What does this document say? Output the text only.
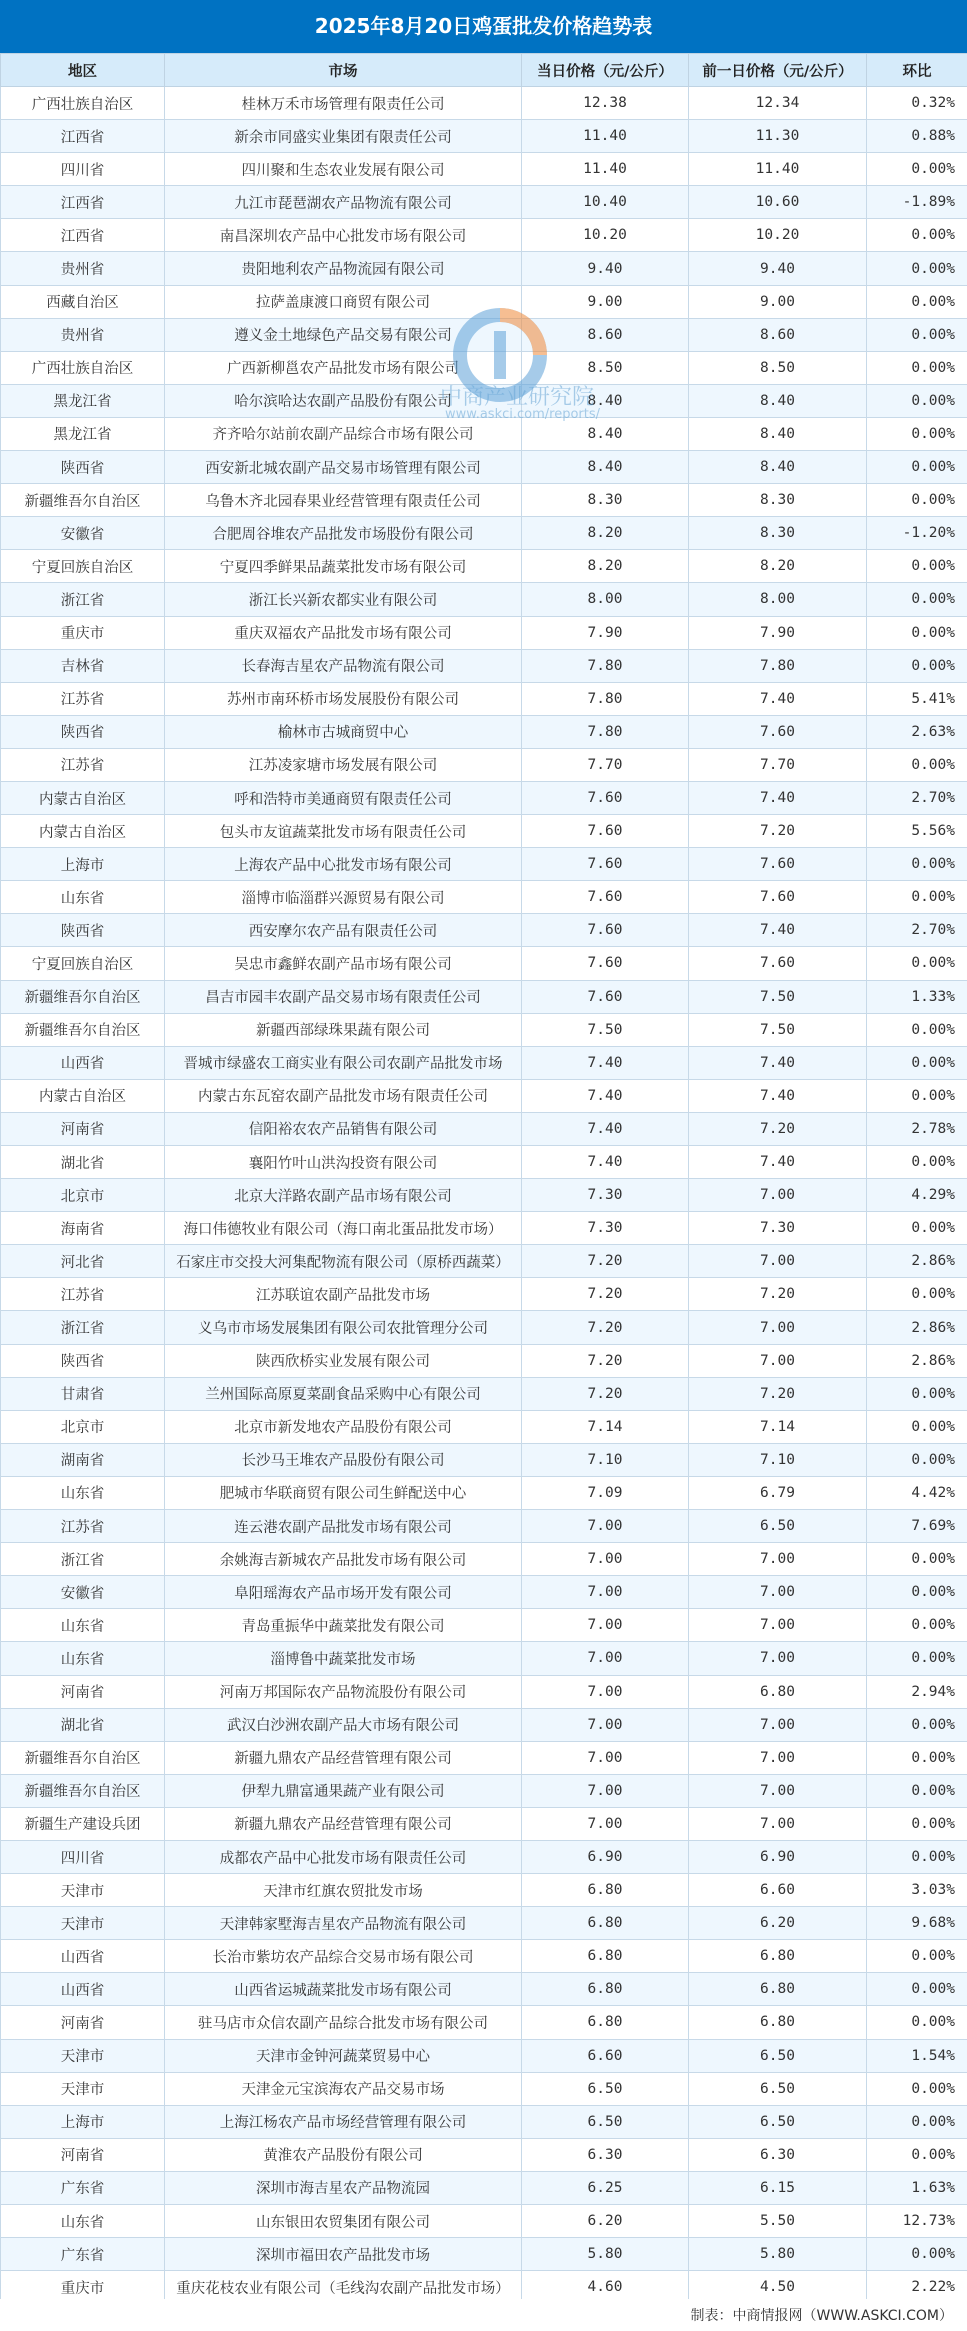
2025年8月20日鸡蛋批发价格趋势表
地区	市场	当日价格（元/公斤）	前一日价格（元/公斤）	环比
广西壮族自治区	桂林万禾市场管理有限责任公司	12.38	12.34	0.32%
江西省	新余市同盛实业集团有限责任公司	11.40	11.30	0.88%
四川省	四川聚和生态农业发展有限公司	11.40	11.40	0.00%
江西省	九江市琵琶湖农产品物流有限公司	10.40	10.60	-1.89%
江西省	南昌深圳农产品中心批发市场有限公司	10.20	10.20	0.00%
贵州省	贵阳地利农产品物流园有限公司	9.40	9.40	0.00%
西藏自治区	拉萨盖康渡口商贸有限公司	9.00	9.00	0.00%
贵州省	遵义金土地绿色产品交易有限公司	8.60	8.60	0.00%
广西壮族自治区	广西新柳邕农产品批发市场有限公司	8.50	8.50	0.00%
黑龙江省	哈尔滨哈达农副产品股份有限公司	8.40	8.40	0.00%
黑龙江省	齐齐哈尔站前农副产品综合市场有限公司	8.40	8.40	0.00%
陕西省	西安新北城农副产品交易市场管理有限公司	8.40	8.40	0.00%
新疆维吾尔自治区	乌鲁木齐北园春果业经营管理有限责任公司	8.30	8.30	0.00%
安徽省	合肥周谷堆农产品批发市场股份有限公司	8.20	8.30	-1.20%
宁夏回族自治区	宁夏四季鲜果品蔬菜批发市场有限公司	8.20	8.20	0.00%
浙江省	浙江长兴新农都实业有限公司	8.00	8.00	0.00%
重庆市	重庆双福农产品批发市场有限公司	7.90	7.90	0.00%
吉林省	长春海吉星农产品物流有限公司	7.80	7.80	0.00%
江苏省	苏州市南环桥市场发展股份有限公司	7.80	7.40	5.41%
陕西省	榆林市古城商贸中心	7.80	7.60	2.63%
江苏省	江苏凌家塘市场发展有限公司	7.70	7.70	0.00%
内蒙古自治区	呼和浩特市美通商贸有限责任公司	7.60	7.40	2.70%
内蒙古自治区	包头市友谊蔬菜批发市场有限责任公司	7.60	7.20	5.56%
上海市	上海农产品中心批发市场有限公司	7.60	7.60	0.00%
山东省	淄博市临淄群兴源贸易有限公司	7.60	7.60	0.00%
陕西省	西安摩尔农产品有限责任公司	7.60	7.40	2.70%
宁夏回族自治区	吴忠市鑫鲜农副产品市场有限公司	7.60	7.60	0.00%
新疆维吾尔自治区	昌吉市园丰农副产品交易市场有限责任公司	7.60	7.50	1.33%
新疆维吾尔自治区	新疆西部绿珠果蔬有限公司	7.50	7.50	0.00%
山西省	晋城市绿盛农工商实业有限公司农副产品批发市场	7.40	7.40	0.00%
内蒙古自治区	内蒙古东瓦窑农副产品批发市场有限责任公司	7.40	7.40	0.00%
河南省	信阳裕农农产品销售有限公司	7.40	7.20	2.78%
湖北省	襄阳竹叶山洪沟投资有限公司	7.40	7.40	0.00%
北京市	北京大洋路农副产品市场有限公司	7.30	7.00	4.29%
海南省	海口伟德牧业有限公司（海口南北蛋品批发市场）	7.30	7.30	0.00%
河北省	石家庄市交投大河集配物流有限公司（原桥西蔬菜）	7.20	7.00	2.86%
江苏省	江苏联谊农副产品批发市场	7.20	7.20	0.00%
浙江省	义乌市市场发展集团有限公司农批管理分公司	7.20	7.00	2.86%
陕西省	陕西欣桥实业发展有限公司	7.20	7.00	2.86%
甘肃省	兰州国际高原夏菜副食品采购中心有限公司	7.20	7.20	0.00%
北京市	北京市新发地农产品股份有限公司	7.14	7.14	0.00%
湖南省	长沙马王堆农产品股份有限公司	7.10	7.10	0.00%
山东省	肥城市华联商贸有限公司生鲜配送中心	7.09	6.79	4.42%
江苏省	连云港农副产品批发市场有限公司	7.00	6.50	7.69%
浙江省	余姚海吉新城农产品批发市场有限公司	7.00	7.00	0.00%
安徽省	阜阳瑶海农产品市场开发有限公司	7.00	7.00	0.00%
山东省	青岛重振华中蔬菜批发有限公司	7.00	7.00	0.00%
山东省	淄博鲁中蔬菜批发市场	7.00	7.00	0.00%
河南省	河南万邦国际农产品物流股份有限公司	7.00	6.80	2.94%
湖北省	武汉白沙洲农副产品大市场有限公司	7.00	7.00	0.00%
新疆维吾尔自治区	新疆九鼎农产品经营管理有限公司	7.00	7.00	0.00%
新疆维吾尔自治区	伊犁九鼎富通果蔬产业有限公司	7.00	7.00	0.00%
新疆生产建设兵团	新疆九鼎农产品经营管理有限公司	7.00	7.00	0.00%
四川省	成都农产品中心批发市场有限责任公司	6.90	6.90	0.00%
天津市	天津市红旗农贸批发市场	6.80	6.60	3.03%
天津市	天津韩家墅海吉星农产品物流有限公司	6.80	6.20	9.68%
山西省	长治市紫坊农产品综合交易市场有限公司	6.80	6.80	0.00%
山西省	山西省运城蔬菜批发市场有限公司	6.80	6.80	0.00%
河南省	驻马店市众信农副产品综合批发市场有限公司	6.80	6.80	0.00%
天津市	天津市金钟河蔬菜贸易中心	6.60	6.50	1.54%
天津市	天津金元宝滨海农产品交易市场	6.50	6.50	0.00%
上海市	上海江杨农产品市场经营管理有限公司	6.50	6.50	0.00%
河南省	黄淮农产品股份有限公司	6.30	6.30	0.00%
广东省	深圳市海吉星农产品物流园	6.25	6.15	1.63%
山东省	山东银田农贸集团有限公司	6.20	5.50	12.73%
广东省	深圳市福田农产品批发市场	5.80	5.80	0.00%
重庆市	重庆花枝农业有限公司（毛线沟农副产品批发市场）	4.60	4.50	2.22%
中商产业研究院
www.askci.com/reports/
制表：中商情报网（WWW.ASKCI.COM）
